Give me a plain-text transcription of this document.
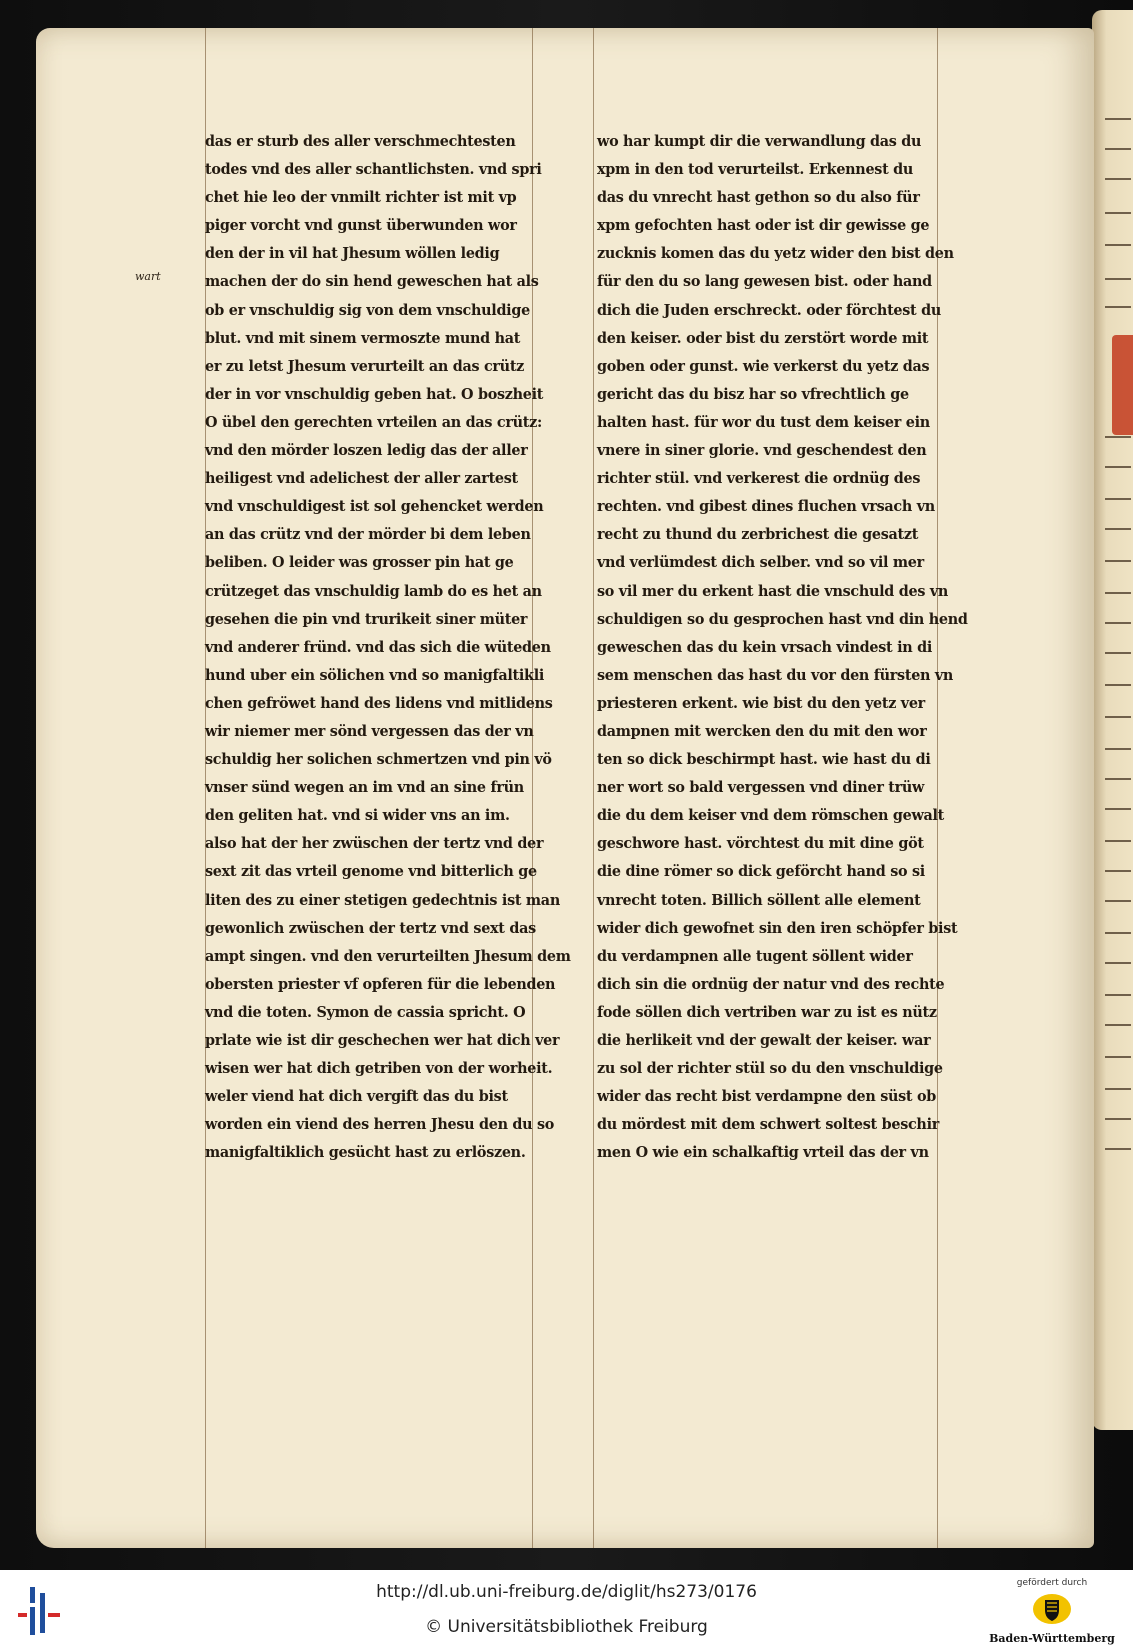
wart
das er sturb des aller verschmechtesten
todes vnd des aller schantlichsten. vnd spri
chet hie leo der vnmilt richter ist mit vp
piger vorcht vnd gunst überwunden wor
den der in vil hat Jhesum wöllen ledig
machen der do sin hend geweschen hat als
ob er vnschuldig sig von dem vnschuldige
blut. vnd mit sinem vermoszte mund hat
er zu letst Jhesum verurteilt an das crütz
der in vor vnschuldig geben hat. O boszheit
O übel den gerechten vrteilen an das crütz:
vnd den mörder loszen ledig das der aller
heiligest vnd adelichest der aller zartest
vnd vnschuldigest ist sol gehencket werden
an das crütz vnd der mörder bi dem leben
beliben. O leider was grosser pin hat ge
crützeget das vnschuldig lamb do es het an
gesehen die pin vnd trurikeit siner müter
vnd anderer fründ. vnd das sich die wüteden
hund uber ein sölichen vnd so manigfaltikli
chen gefröwet hand des lidens vnd mitlidens
wir niemer mer sönd vergessen das der vn
schuldig her solichen schmertzen vnd pin vö
vnser sünd wegen an im vnd an sine frün
den geliten hat. vnd si wider vns an im.
also hat der her zwüschen der tertz vnd der
sext zit das vrteil genome vnd bitterlich ge
liten des zu einer stetigen gedechtnis ist man
gewonlich zwüschen der tertz vnd sext das
ampt singen. vnd den verurteilten Jhesum dem
obersten priester vf opferen für die lebenden
vnd die toten. Symon de cassia spricht. O
prlate wie ist dir geschechen wer hat dich ver
wisen wer hat dich getriben von der worheit.
weler viend hat dich vergift das du bist
worden ein viend des herren Jhesu den du so
manigfaltiklich gesücht hast zu erlöszen.
wo har kumpt dir die verwandlung das du
xpm in den tod verurteilst. Erkennest du
das du vnrecht hast gethon so du also für
xpm gefochten hast oder ist dir gewisse ge
zucknis komen das du yetz wider den bist den
für den du so lang gewesen bist. oder hand
dich die Juden erschreckt. oder förchtest du
den keiser. oder bist du zerstört worde mit
goben oder gunst. wie verkerst du yetz das
gericht das du bisz har so vfrechtlich ge
halten hast. für wor du tust dem keiser ein
vnere in siner glorie. vnd geschendest den
richter stül. vnd verkerest die ordnüg des
rechten. vnd gibest dines fluchen vrsach vn
recht zu thund du zerbrichest die gesatzt
vnd verlümdest dich selber. vnd so vil mer
so vil mer du erkent hast die vnschuld des vn
schuldigen so du gesprochen hast vnd din hend
geweschen das du kein vrsach vindest in di
sem menschen das hast du vor den fürsten vn
priesteren erkent. wie bist du den yetz ver
dampnen mit wercken den du mit den wor
ten so dick beschirmpt hast. wie hast du di
ner wort so bald vergessen vnd diner trüw
die du dem keiser vnd dem römschen gewalt
geschwore hast. vörchtest du mit dine göt
die dine römer so dick geförcht hand so si
vnrecht toten. Billich söllent alle element
wider dich gewofnet sin den iren schöpfer bist
du verdampnen alle tugent söllent wider
dich sin die ordnüg der natur vnd des rechte
fode söllen dich vertriben war zu ist es nütz
die herlikeit vnd der gewalt der keiser. war
zu sol der richter stül so du den vnschuldige
wider das recht bist verdampne den süst ob
du mördest mit dem schwert soltest beschir
men O wie ein schalkaftig vrteil das der vn
http://dl.ub.uni-freiburg.de/diglit/hs273/0176
© Universitätsbibliothek Freiburg
gefördert durch
Baden-Württemberg
